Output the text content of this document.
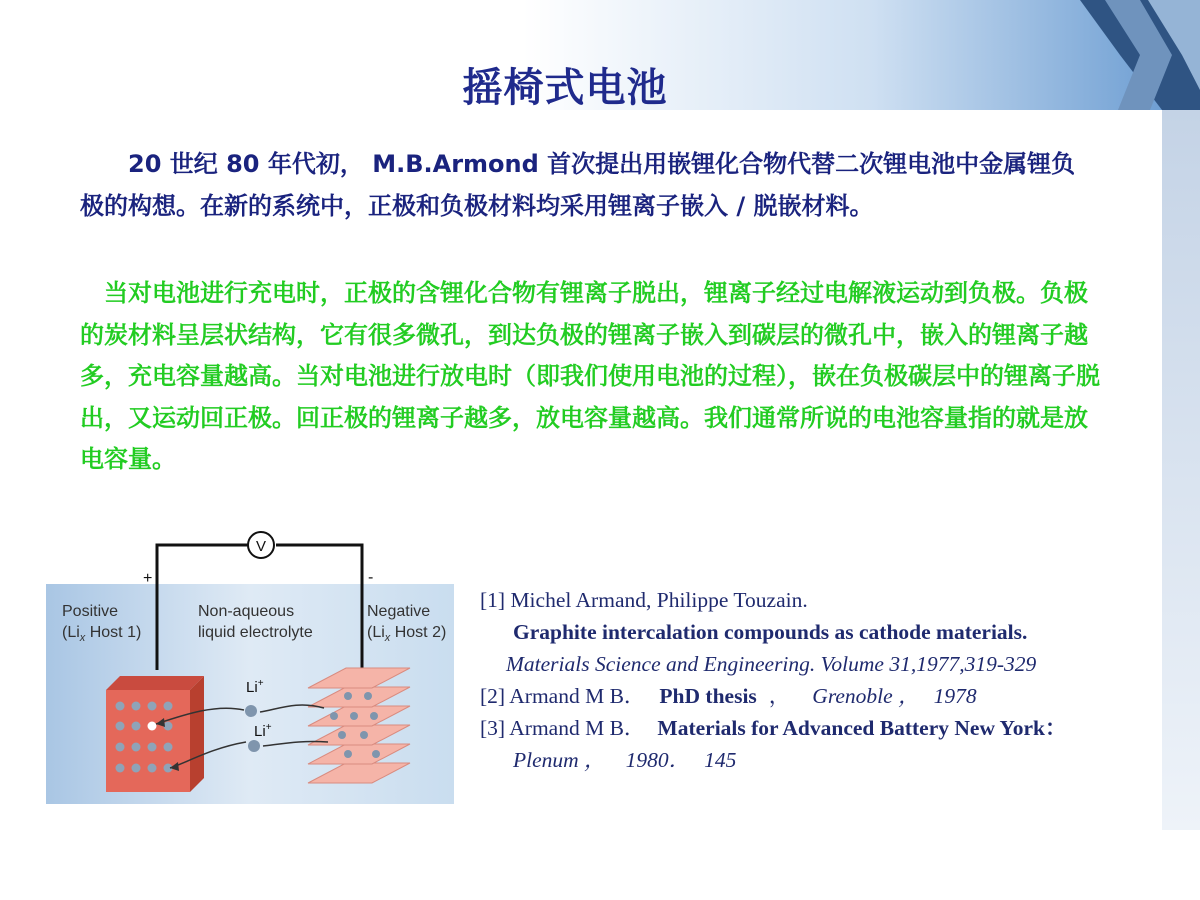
摇椅式电池

　　20 世纪 80 年代初， M.B.Armond 首次提出用嵌锂化合物代替二次锂电池中金属锂负极的构想。在新的系统中，正极和负极材料均采用锂离子嵌入 / 脱嵌材料。

　当对电池进行充电时，正极的含锂化合物有锂离子脱出，锂离子经过电解液运动到负极。负极的炭材料呈层状结构，它有很多微孔，到达负极的锂离子嵌入到碳层的微孔中，嵌入的锂离子越多，充电容量越高。当对电池进行放电时（即我们使用电池的过程），嵌在负极碳层中的锂离子脱出，又运动回正极。回正极的锂离子越多，放电容量越高。我们通常所说的电池容量指的就是放电容量。

V
+	-
Positive
($Li_x$ Host 1)
Non-aqueous
liquid electrolyte
Negative
($Li_x$ Host 2)
Li+
Li+
[1] Michel Armand, Philippe Touzain.
Graphite intercalation compounds as cathode materials.
Materials Science and Engineering. Volume 31,1977,319-329
[2] Armand M B． PhD thesis ， Grenoble ， 1978
[3] Armand M B． Materials for Advanced Battery New York：
Plenum ， 1980． 145
